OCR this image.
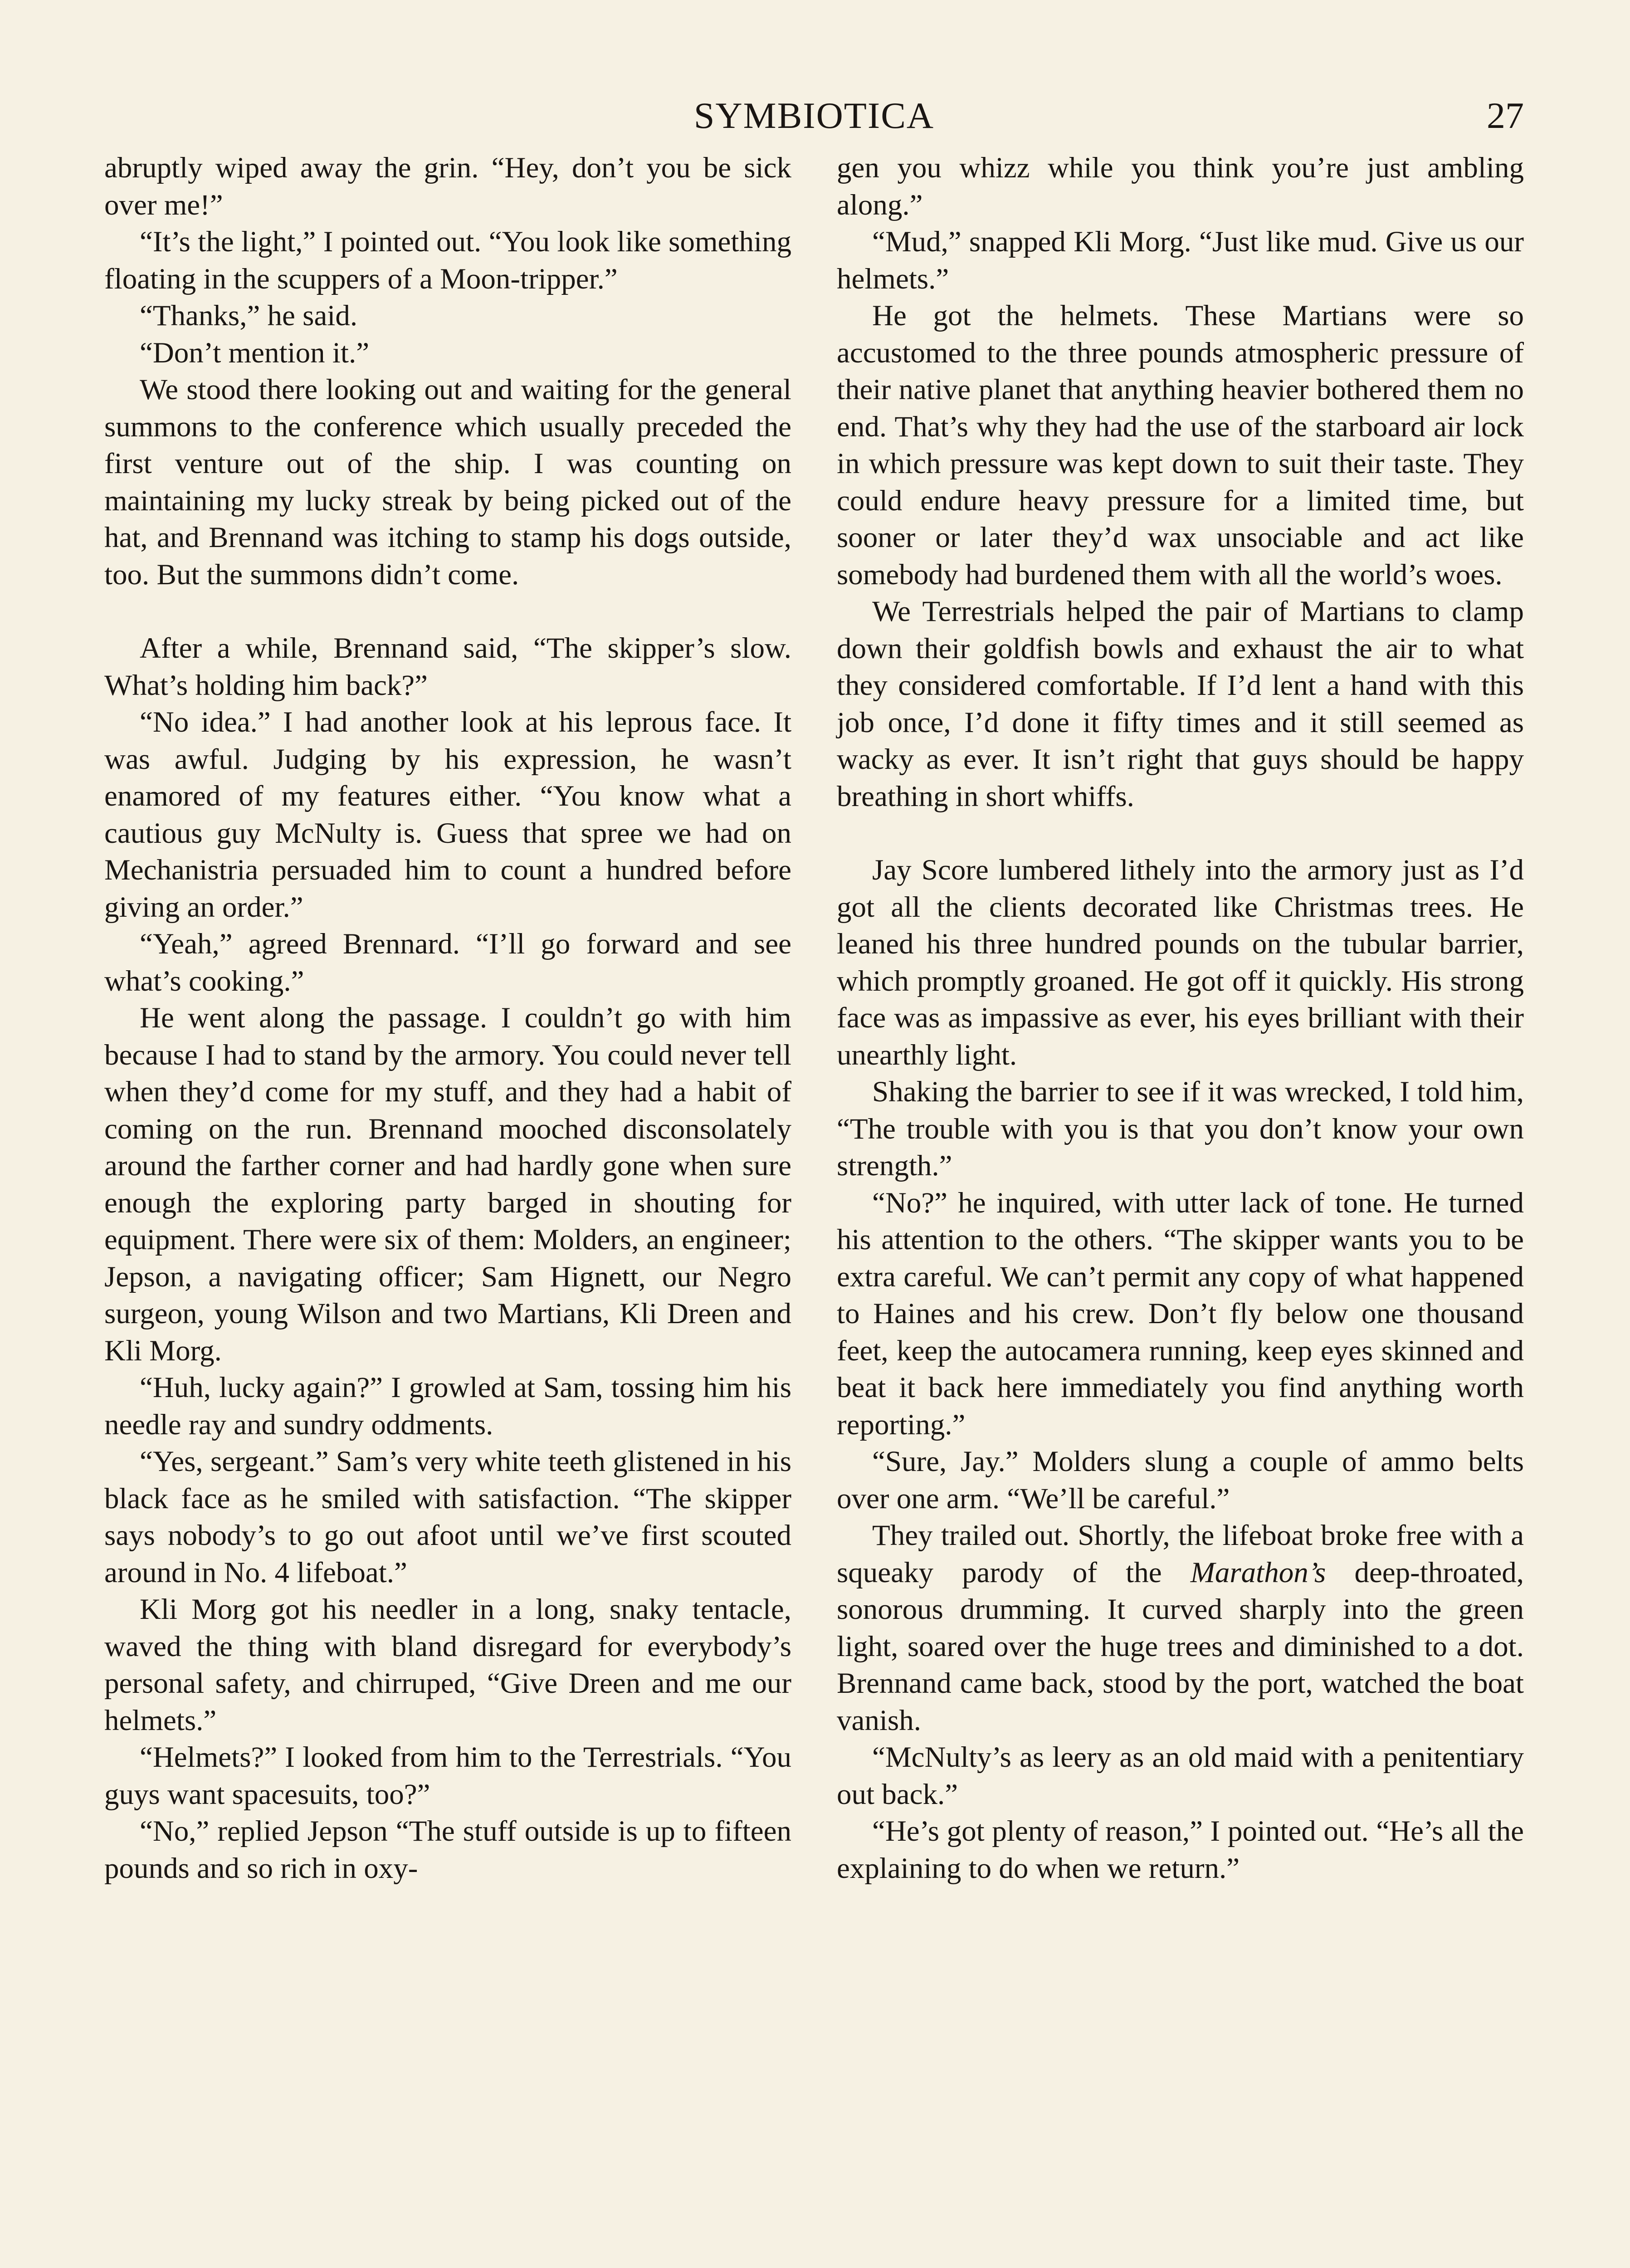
SYMBIOTICA	27

abruptly wiped away the grin. “Hey, don’t you be sick over me!”

“It’s the light,” I pointed out. “You look like something floating in the scuppers of a Moon-tripper.”

“Thanks,” he said.

“Don’t mention it.”

We stood there looking out and waiting for the general summons to the conference which usually preceded the first venture out of the ship. I was counting on maintaining my lucky streak by being picked out of the hat, and Brennand was itching to stamp his dogs outside, too. But the summons didn’t come.

After a while, Brennand said, “The skipper’s slow. What’s holding him back?”

“No idea.” I had another look at his leprous face. It was awful. Judging by his expression, he wasn’t enamored of my features either. “You know what a cautious guy McNulty is. Guess that spree we had on Mechanistria persuaded him to count a hundred before giving an order.”

“Yeah,” agreed Brennard. “I’ll go forward and see what’s cooking.”

He went along the passage. I couldn’t go with him because I had to stand by the armory. You could never tell when they’d come for my stuff, and they had a habit of coming on the run. Brennand mooched disconsolately around the farther corner and had hardly gone when sure enough the exploring party barged in shouting for equipment. There were six of them: Molders, an engineer; Jepson, a navigating officer; Sam Hignett, our Negro surgeon, young Wilson and two Martians, Kli Dreen and Kli Morg.

“Huh, lucky again?” I growled at Sam, tossing him his needle ray and sundry oddments.

“Yes, sergeant.” Sam’s very white teeth glistened in his black face as he smiled with satisfaction. “The skipper says nobody’s to go out afoot until we’ve first scouted around in No. 4 lifeboat.”

Kli Morg got his needler in a long, snaky tentacle, waved the thing with bland disregard for everybody’s personal safety, and chirruped, “Give Dreen and me our helmets.”

“Helmets?” I looked from him to the Terrestrials. “You guys want spacesuits, too?”

“No,” replied Jepson “The stuff outside is up to fifteen pounds and so rich in oxy-

gen you whizz while you think you’re just ambling along.”

“Mud,” snapped Kli Morg. “Just like mud. Give us our helmets.”

He got the helmets. These Martians were so accustomed to the three pounds atmospheric pressure of their native planet that anything heavier bothered them no end. That’s why they had the use of the starboard air lock in which pressure was kept down to suit their taste. They could endure heavy pressure for a limited time, but sooner or later they’d wax unsociable and act like somebody had burdened them with all the world’s woes.

We Terrestrials helped the pair of Martians to clamp down their goldfish bowls and exhaust the air to what they considered comfortable. If I’d lent a hand with this job once, I’d done it fifty times and it still seemed as wacky as ever. It isn’t right that guys should be happy breathing in short whiffs.

Jay Score lumbered lithely into the armory just as I’d got all the clients decorated like Christmas trees. He leaned his three hundred pounds on the tubular barrier, which promptly groaned. He got off it quickly. His strong face was as impassive as ever, his eyes brilliant with their unearthly light.

Shaking the barrier to see if it was wrecked, I told him, “The trouble with you is that you don’t know your own strength.”

“No?” he inquired, with utter lack of tone. He turned his attention to the others. “The skipper wants you to be extra careful. We can’t permit any copy of what happened to Haines and his crew. Don’t fly below one thousand feet, keep the autocamera running, keep eyes skinned and beat it back here immediately you find anything worth reporting.”

“Sure, Jay.” Molders slung a couple of ammo belts over one arm. “We’ll be careful.”

They trailed out. Shortly, the lifeboat broke free with a squeaky parody of the Marathon’s deep-throated, sonorous drumming. It curved sharply into the green light, soared over the huge trees and diminished to a dot. Brennand came back, stood by the port, watched the boat vanish.

“McNulty’s as leery as an old maid with a penitentiary out back.”

“He’s got plenty of reason,” I pointed out. “He’s all the explaining to do when we return.”
